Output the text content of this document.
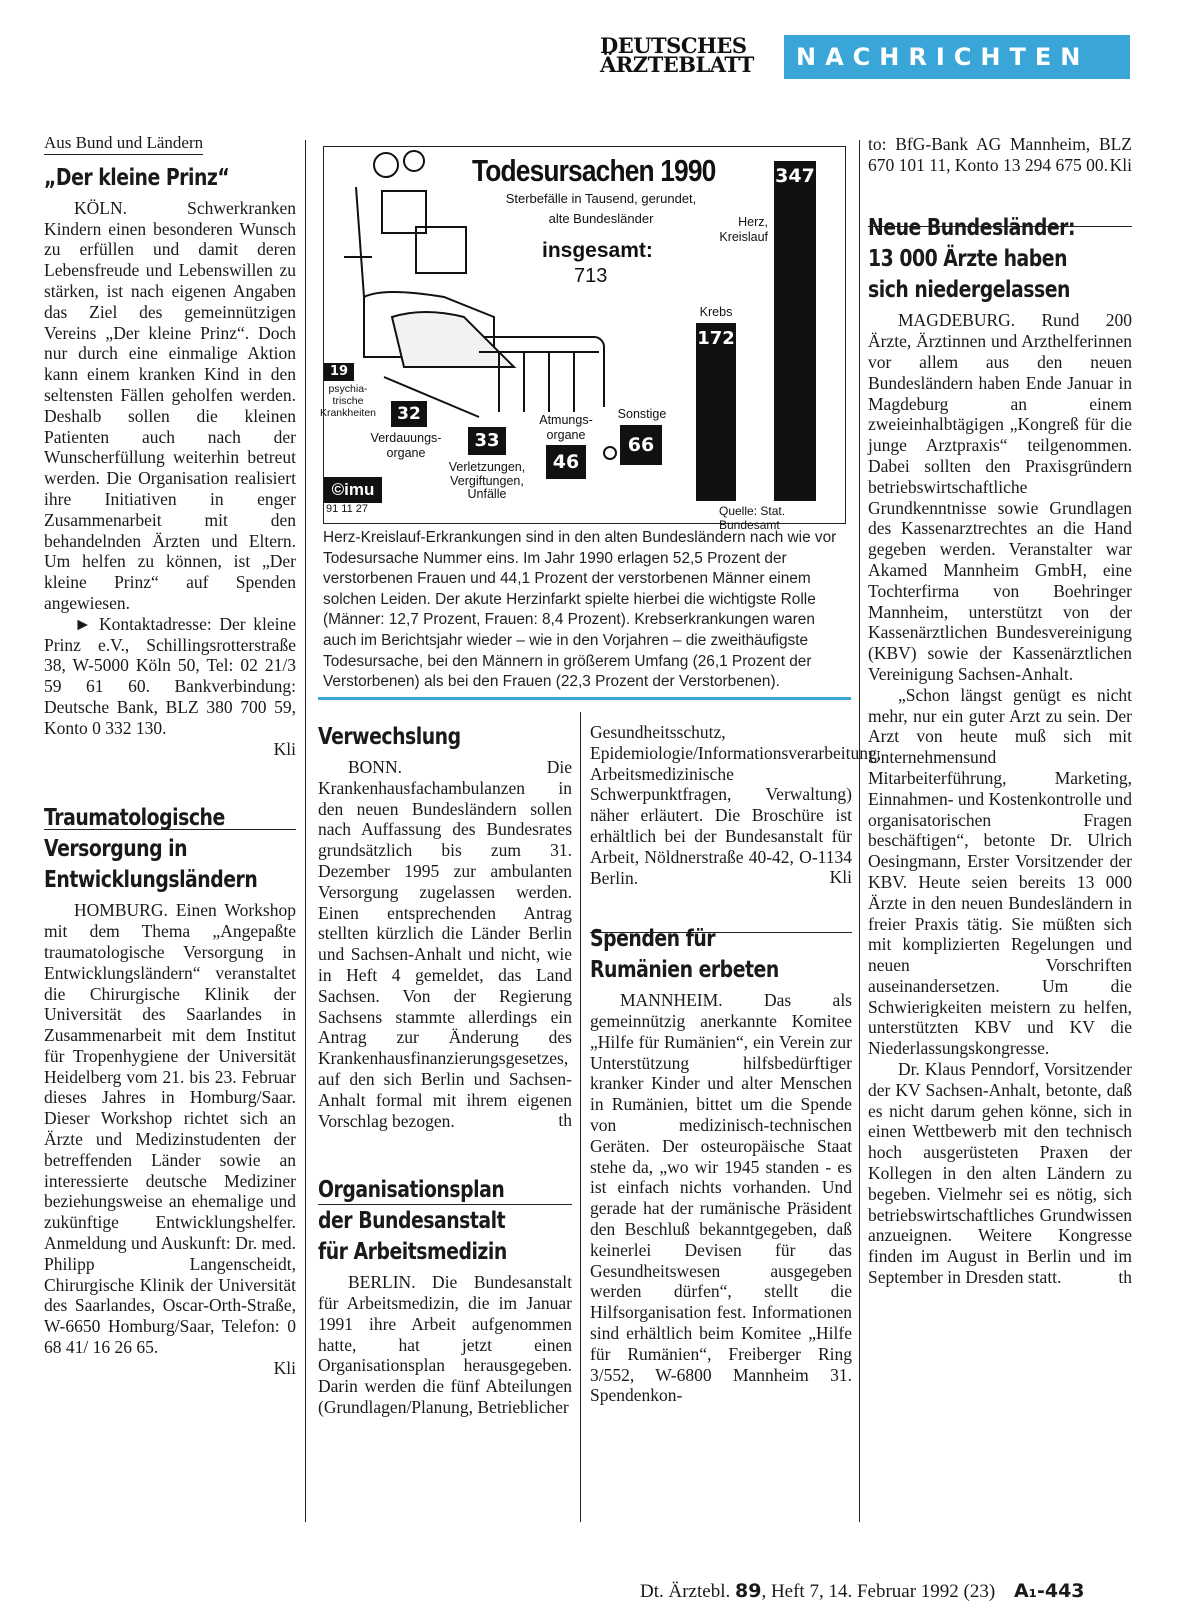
DEUTSCHES ÄRZTEBLATT	NACHRICHTEN
Aus Bund und Ländern
„Der kleine Prinz“

KÖLN. Schwerkranken Kindern einen besonderen Wunsch zu erfüllen und damit deren Lebensfreude und Lebenswillen zu stärken, ist nach eigenen Angaben das Ziel des gemeinnützigen Vereins „Der kleine Prinz“. Doch nur durch eine einmalige Aktion kann einem kranken Kind in den seltensten Fällen geholfen werden. Deshalb sollen die kleinen Patienten auch nach der Wunscherfüllung weiterhin betreut werden. Die Organisation realisiert ihre Initiativen in enger Zusammenarbeit mit den behandelnden Ärzten und Eltern. Um helfen zu können, ist „Der kleine Prinz“ auf Spenden angewiesen.

► Kontaktadresse: Der kleine Prinz e.V., Schillingsrotterstraße 38, W-5000 Köln 50, Tel: 02 21/3 59 61 60. Bankverbindung: Deutsche Bank, BLZ 380 700 59, Konto 0 332 130.

Kli

Traumatologische Versorgung in Entwicklungsländern

HOMBURG. Einen Workshop mit dem Thema „Angepaßte traumatologische Versorgung in Entwicklungsländern“ veranstaltet die Chirurgische Klinik der Universität des Saarlandes in Zusammenarbeit mit dem Institut für Tropenhygiene der Universität Heidelberg vom 21. bis 23. Februar dieses Jahres in Homburg/Saar. Dieser Workshop richtet sich an Ärzte und Medizinstudenten der betreffenden Länder sowie an interessierte deutsche Mediziner beziehungsweise an ehemalige und zukünftige Entwicklungshelfer. Anmeldung und Auskunft: Dr. med. Philipp Langenscheidt, Chirurgische Klinik der Universität des Saarlandes, Oscar-Orth-Straße, W-6650 Homburg/Saar, Telefon: 0 68 41/ 16 26 65.

Kli

Todesursachen 1990
Sterbefälle in Tausend, gerundet,
alte Bundesländer
insgesamt:
713
347
Herz,
Kreislauf
172
Krebs
19
psychia-
trische
Krankheiten	32
Verdauungs-
organe
33
Verletzungen,
Vergiftungen,
Unfälle
46
Atmungs-
organe	66
Sonstige
©imu
91 11 27	Quelle: Stat. Bundesamt
Herz-Kreislauf-Erkrankungen sind in den alten Bundesländern nach wie vor Todesursache Nummer eins. Im Jahr 1990 erlagen 52,5 Prozent der verstorbenen Frauen und 44,1 Prozent der verstorbenen Männer einem solchen Leiden. Der akute Herzinfarkt spielte hierbei die wichtigste Rolle (Männer: 12,7 Prozent, Frauen: 8,4 Prozent). Krebserkrankungen waren auch im Berichtsjahr wieder – wie in den Vorjahren – die zweithäufigste Todesursache, bei den Männern in größerem Umfang (26,1 Prozent der Verstorbenen) als bei den Frauen (22,3 Prozent der Verstorbenen).
Verwechslung

BONN. Die Krankenhausfachambulanzen in den neuen Bundesländern sollen nach Auffassung des Bundesrates grundsätzlich bis zum 31. Dezember 1995 zur ambulanten Versorgung zugelassen werden. Einen entsprechenden Antrag stellten kürzlich die Länder Berlin und Sachsen-Anhalt und nicht, wie in Heft 4 gemeldet, das Land Sachsen. Von der Regierung Sachsens stammte allerdings ein Antrag zur Änderung des Krankenhausfinanzierungsgesetzes, auf den sich Berlin und Sachsen-Anhalt formal mit ihrem eigenen Vorschlag bezogen.	th

Organisationsplan der Bundesanstalt für Arbeitsmedizin

BERLIN. Die Bundesanstalt für Arbeitsmedizin, die im Januar 1991 ihre Arbeit aufgenommen hatte, hat jetzt einen Organisationsplan herausgegeben. Darin werden die fünf Abteilungen (Grundlagen/Planung, Betrieblicher

Gesundheitsschutz, Epidemiologie/Informationsverarbeitung, Arbeitsmedizinische Schwerpunktfragen, Verwaltung) näher erläutert. Die Broschüre ist erhältlich bei der Bundesanstalt für Arbeit, Nöldnerstraße 40-42, O-1134 Berlin.	Kli

Spenden für Rumänien erbeten

MANNHEIM. Das als gemeinnützig anerkannte Komitee „Hilfe für Rumänien“, ein Verein zur Unterstützung hilfsbedürftiger kranker Kinder und alter Menschen in Rumänien, bittet um die Spende von medizinisch-technischen Geräten. Der osteuropäische Staat stehe da, „wo wir 1945 standen - es ist einfach nichts vorhanden. Und gerade hat der rumänische Präsident den Beschluß bekanntgegeben, daß keinerlei Devisen für das Gesundheitswesen ausgegeben werden dürfen“, stellt die Hilfsorganisation fest. Informationen sind erhältlich beim Komitee „Hilfe für Rumänien“, Freiberger Ring 3/552, W-6800 Mannheim 31. Spendenkon-

to: BfG-Bank AG Mannheim, BLZ 670 101 11, Konto 13 294 675 00. Kli

Neue Bundesländer: 13 000 Ärzte haben sich niedergelassen

MAGDEBURG. Rund 200 Ärzte, Ärztinnen und Arzthelferinnen vor allem aus den neuen Bundesländern haben Ende Januar in Magdeburg an einem zweieinhalbtägigen „Kongreß für die junge Arztpraxis“ teilgenommen. Dabei sollten den Praxisgründern betriebswirtschaftliche Grundkenntnisse sowie Grundlagen des Kassenarztrechtes an die Hand gegeben werden. Veranstalter war Akamed Mannheim GmbH, eine Tochterfirma von Boehringer Mannheim, unterstützt von der Kassenärztlichen Bundesvereinigung (KBV) sowie der Kassenärztlichen Vereinigung Sachsen-Anhalt.

„Schon längst genügt es nicht mehr, nur ein guter Arzt zu sein. Der Arzt von heute muß sich mit Unternehmensund Mitarbeiterführung, Marketing, Einnahmen- und Kostenkontrolle und organisatorischen Fragen beschäftigen“, betonte Dr. Ulrich Oesingmann, Erster Vorsitzender der KBV. Heute seien bereits 13 000 Ärzte in den neuen Bundesländern in freier Praxis tätig. Sie müßten sich mit komplizierten Regelungen und neuen Vorschriften auseinandersetzen. Um die Schwierigkeiten meistern zu helfen, unterstützten KBV und KV die Niederlassungskongresse.

Dr. Klaus Penndorf, Vorsitzender der KV Sachsen-Anhalt, betonte, daß es nicht darum gehen könne, sich in einen Wettbewerb mit den technisch hoch ausgerüsteten Praxen der Kollegen in den alten Ländern zu begeben. Vielmehr sei es nötig, sich betriebswirtschaftliches Grundwissen anzueignen. Weitere Kongresse finden im August in Berlin und im September in Dresden statt.	th

Dt. Ärztebl. 89, Heft 7, 14. Februar 1992 (23) A₁-443
